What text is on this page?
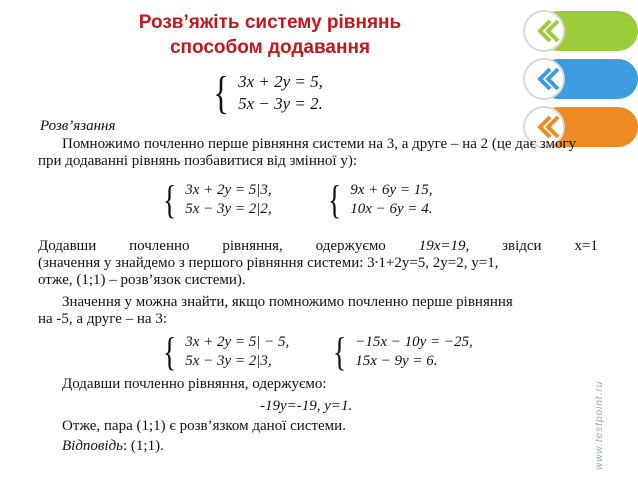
Розв’яжіть систему рівнянь
способом додавання
{ 3x + 2y = 5,
5x − 3y = 2.
Розв’язання

Помножимо почленно перше рівняння системи на 3, а друге – на 2 (це дає змогу при додаванні рівнянь позбавитися від змінної y):

{ 3x + 2y = 5|3,
5x − 3y = 2|2, { 9x + 6y = 15,
10x − 6y = 4.
Додавши почленно рівняння, одержуємо 19x=19, звідси x=1
(значення y знайдемо з першого рівняння системи: 3∙1+2y=5, 2y=2, y=1,
отже, (1;1) – розв’язок системи).
Значення y можна знайти, якщо помножимо почленно перше рівняння
на -5, а друге – на 3:
{ 3x + 2y = 5| − 5,
5x − 3y = 2|3,	{ −15x − 10y = −25,
15x − 9y = 6.
Додавши почленно рівняння, одержуємо:
-19y=-19, y=1.
Отже, пара (1;1) є розв’язком даної системи.
Відповідь: (1;1).	www.testpoint.ru
